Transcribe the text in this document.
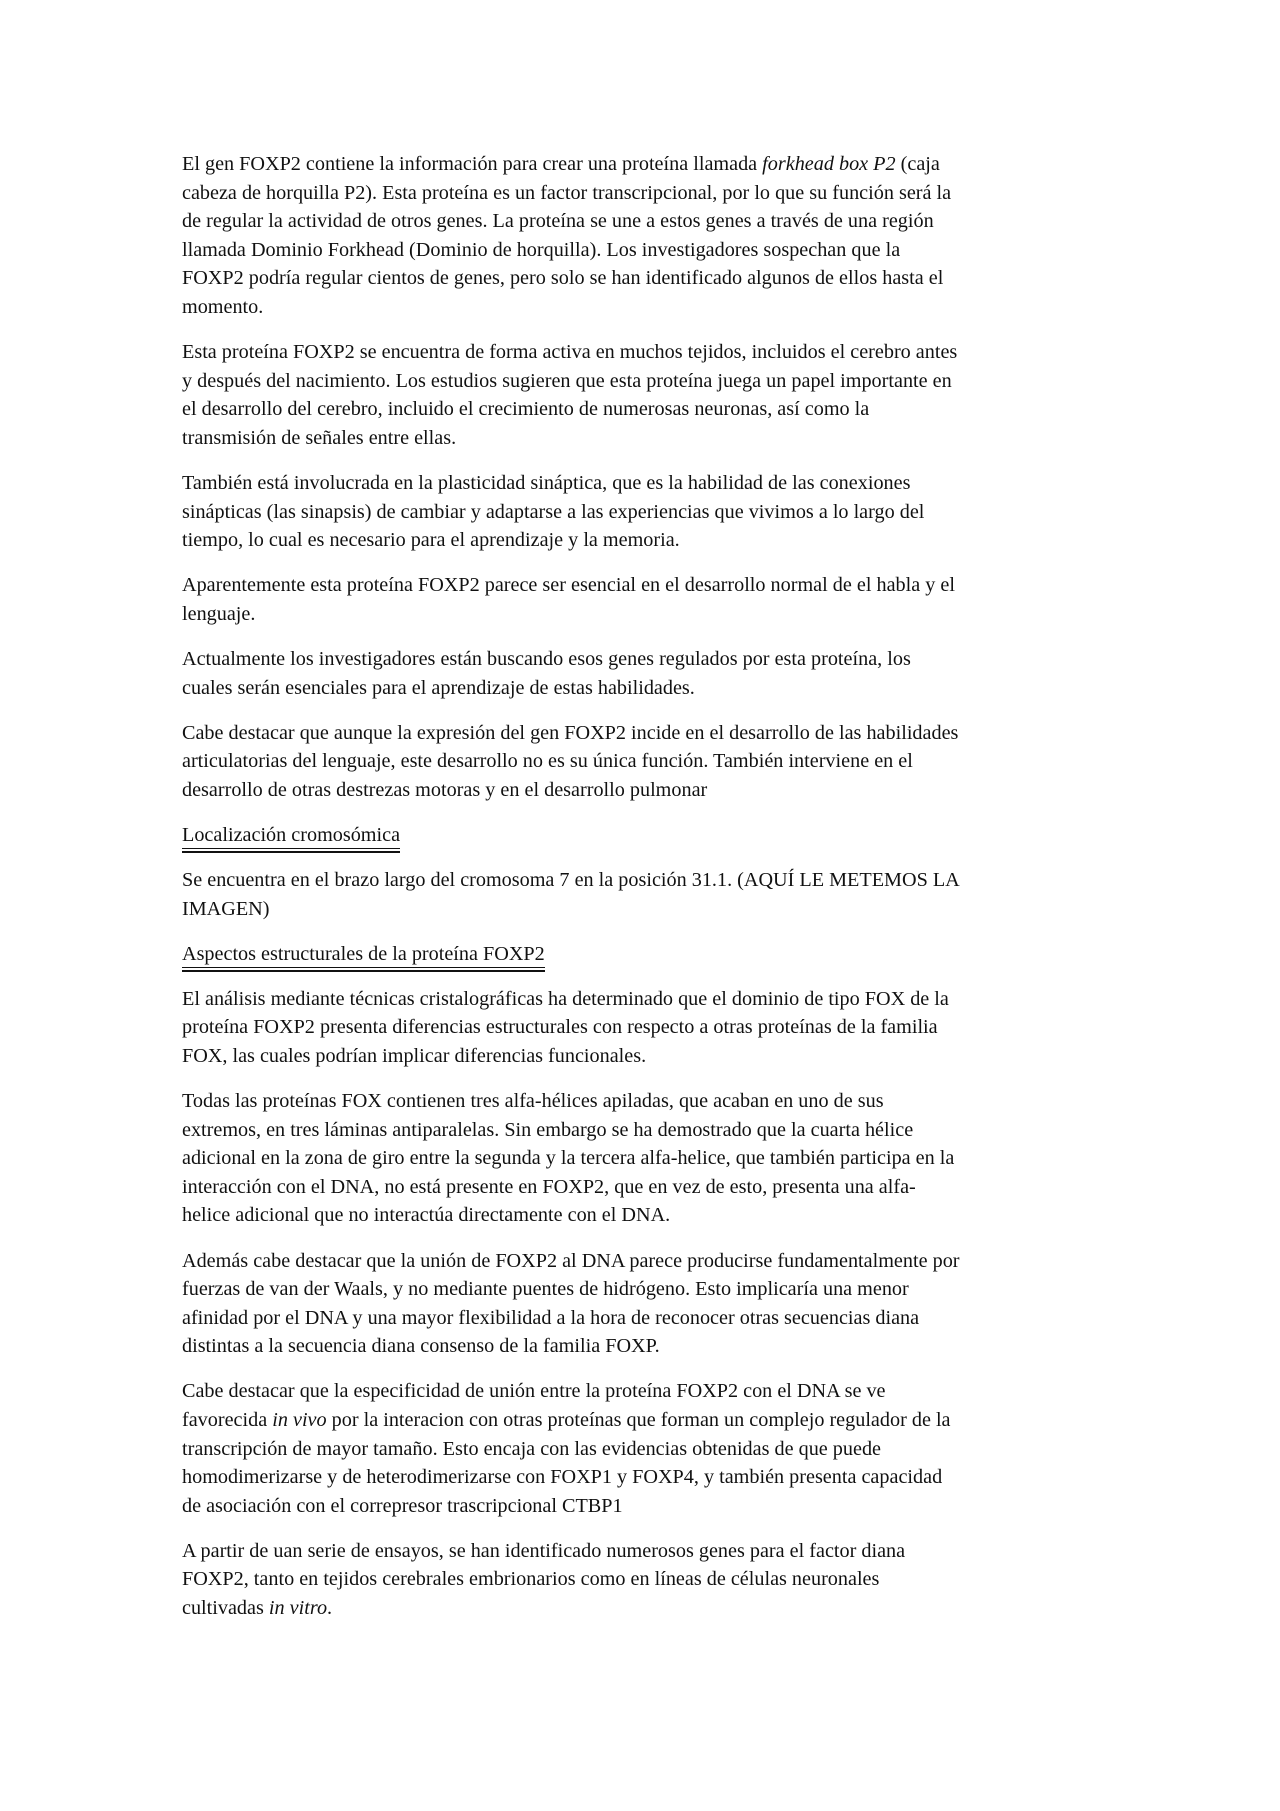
El gen FOXP2 contiene la información para crear una proteína llamada forkhead box P2 (caja
cabeza de horquilla P2). Esta proteína es un factor transcripcional, por lo que su función será la
de regular la actividad de otros genes. La proteína se une a estos genes a través de una región
llamada Dominio Forkhead (Dominio de horquilla). Los investigadores sospechan que la
FOXP2 podría regular cientos de genes, pero solo se han identificado algunos de ellos hasta el
momento.

Esta proteína FOXP2 se encuentra de forma activa en muchos tejidos, incluidos el cerebro antes
y después del nacimiento. Los estudios sugieren que esta proteína juega un papel importante en
el desarrollo del cerebro, incluido el crecimiento de numerosas neuronas, así como la
transmisión de señales entre ellas.

También está involucrada en la plasticidad sináptica, que es la habilidad de las conexiones
sinápticas (las sinapsis) de cambiar y adaptarse a las experiencias que vivimos a lo largo del
tiempo, lo cual es necesario para el aprendizaje y la memoria.

Aparentemente esta proteína FOXP2 parece ser esencial en el desarrollo normal de el habla y el
lenguaje.

Actualmente los investigadores están buscando esos genes regulados por esta proteína, los
cuales serán esenciales para el aprendizaje de estas habilidades.

Cabe destacar que aunque la expresión del gen FOXP2 incide en el desarrollo de las habilidades
articulatorias del lenguaje, este desarrollo no es su única función. También interviene en el
desarrollo de otras destrezas motoras y en el desarrollo pulmonar

Localización cromosómica

Se encuentra en el brazo largo del cromosoma 7 en la posición 31.1. (AQUÍ LE METEMOS LA
IMAGEN)

Aspectos estructurales de la proteína FOXP2

El análisis mediante técnicas cristalográficas ha determinado que el dominio de tipo FOX de la
proteína FOXP2 presenta diferencias estructurales con respecto a otras proteínas de la familia
FOX, las cuales podrían implicar diferencias funcionales.

Todas las proteínas FOX contienen tres alfa-hélices apiladas, que acaban en uno de sus
extremos, en tres láminas antiparalelas. Sin embargo se ha demostrado que la cuarta hélice
adicional en la zona de giro entre la segunda y la tercera alfa-helice, que también participa en la
interacción con el DNA, no está presente en FOXP2, que en vez de esto, presenta una alfa-
helice adicional que no interactúa directamente con el DNA.

Además cabe destacar que la unión de FOXP2 al DNA parece producirse fundamentalmente por
fuerzas de van der Waals, y no mediante puentes de hidrógeno. Esto implicaría una menor
afinidad por el DNA y una mayor flexibilidad a la hora de reconocer otras secuencias diana
distintas a la secuencia diana consenso de la familia FOXP.

Cabe destacar que la especificidad de unión entre la proteína FOXP2 con el DNA se ve
favorecida in vivo por la interacion con otras proteínas que forman un complejo regulador de la
transcripción de mayor tamaño. Esto encaja con las evidencias obtenidas de que puede
homodimerizarse y de heterodimerizarse con FOXP1 y FOXP4, y también presenta capacidad
de asociación con el correpresor trascripcional CTBP1

A partir de uan serie de ensayos, se han identificado numerosos genes para el factor diana
FOXP2, tanto en tejidos cerebrales embrionarios como en líneas de células neuronales
cultivadas in vitro.
